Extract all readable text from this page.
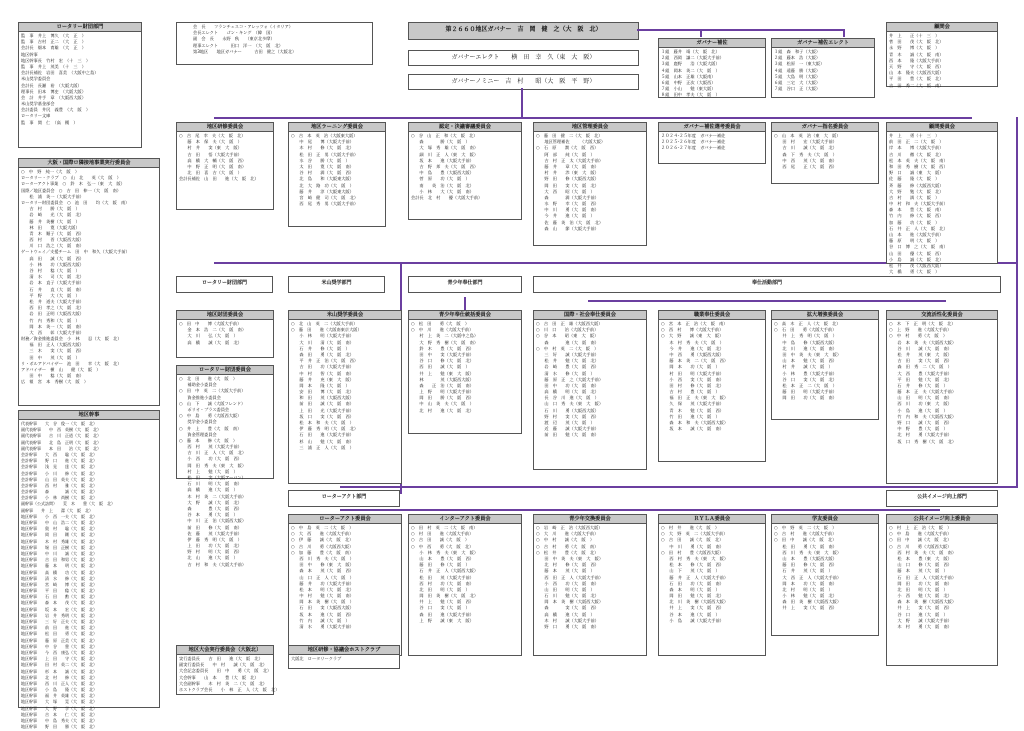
会　長　　フランチェスコ・アレッツォ（イタリア）
会長エレクト　　ゴン・キング　（韓　国）
副　会　長　　永野　秋　　（東京北多摩）
理事エレクト　　　田口　洋一　（大　阪　北）
第3地区　　地区ガバナー　　　吉田　健之（大阪北）
第２６６０地区ガバナー　吉　岡　健　之（大　阪　北）
ガバナーエレクト　　横　田　幸　久（東　大　阪）
ガバナーノミニー　吉　村　　昭（大　阪　平　野）
ガバナー補佐
１組　藤井　靖（大　阪　北）
２組　西岡　謙二（大阪大手前）
３組　鹿野　　浩（大阪大阪）
４組　岡本　英二（大　阪　）
５組　山本　正雄（大阪南）
６組　中野　正次（大阪西）
７組　小山　　勉（東大阪）
８組　田中　孝夫（大　阪　）
ガバナー補佐エレクト
１組　森　和子（大阪）
２組　藤本　浩（大阪）
３組　松原　一（東大阪）
４組　遠藤　勝（大阪）
５組　大島　明（大阪）
６組　三宅　大（大阪）
７組　谷口　正（大阪）
顧問会
井　上　　正（十　三　）
菅　田　　茂（大　阪　北）
永　野　　博（大　阪　）
青　木　　誠（大　阪　南）
西　本　　隆（大阪大手前）
天　野　　守（大　阪　西）
山　本　隆夫（大阪西大阪）
平　田　　豊（大　阪　北）
吉　田　秀二（大　阪　南）
ロータリー財団部門
監　事　井上　博久　（大　正　）
監　事　吉村　正二　（大　正　）
会計長　畑本　育雄　（大　正　）
地区幹事　
地区幹事長　竹村　宏　（十　三　）
監　事　井上　茂美　（十　三　）
会計長補佐　岩田　喜美　（大阪中之島）
米山奨学委員会
会計長　長瀬　裕　（大阪大阪）
理事長　田本　博史　（大阪大阪）
会　計　井手　章　（大阪西大阪）
米山奨学基金部会
会計委員　井尻　義豊　（大　阪　）
ロータリー文庫
監　事　関　仁　（高　槻　）
大阪・国際ロ隣接地事業実行委員会
○　中　野　純一（大　阪　）
ロータリー・クラブ　○　山　北　　英（大　阪　）
ローターアクト事業　○　鈴　木　弘一（東　大　阪）
国際／地区委員会　○　吉　田　伸一（大　阪　南）
　　松　浦　英一（大阪大手前）
ロータリー財団委員会　○　池　田　　均（大　阪　南）
　　吉　村　　勝（大　阪　）
　　岩　崎　　光（大　阪　北）
　　藤　井　英樹（大　阪　）
　　林　田　　寛（大阪大阪）
　　青　木　順子（大　阪　西）
　　西　村　　晋（大阪西大阪）
　　川　口　浩之（大　阪　南）
ゲートウェイ／支援チーム　田　中　和久（大阪大手前）
　　高　田　　誠（大　阪　西）
　　小　林　　功（大阪西大阪）
　　谷　村　　稔（大　阪　）
　　清　水　　司（大　阪　北）
　　岩　本　直子（大阪大手前）
　　石　井　　直（大　阪　南）
　　平　野　　大（大　阪　）
　　松　井　道夫（大阪大手前）
　　西　田　孝之（大　阪　北）
　　岩　田　正明（大阪西大阪）
　　竹　内　秀和（大　阪　）
　　岡　本　英一（大　阪　南）
　　大　西　　彰（大阪大手前）
財務／資金推進委員会　小　林　　忍（大　阪　北）
　　福　田　正人（大阪西大阪）
　　三　木　　実（大　阪　西）
　　田　中　　茂（大　阪　）
リ・ボルアドバイザー　池　田　　幸（大　阪　北）
アドバイザー　横　山　　健（大　阪　）
　　田　中　　稔（大　阪　南）
広　報　宮　本　秀樹（大　阪　）
地区幹事
代表幹事　　大　谷　俊一（大　阪　北）
副代表幹事　　中　西　英樹（大　阪　北）
副代表幹事　　吉　川　正道（大　阪　北）
副代表幹事　　北　島　正明（大　阪　北）
副代表幹事　　本　田　　治（大　阪　北）
会計幹事　　大　西　　聡（大　阪　北）
会計幹事　　野　口　　進（大　阪　北）
会計幹事　　浅　見　　達（大　阪　北）
会計幹事　　小　川　　修（大　阪　北）
会計幹事　　山　田　英夫（大　阪　北）
会計幹事　　西　村　　雅（大　阪　北）
会計幹事　　森　　　　誠（大　阪　北）
会計幹事　　小　林　尚樹（大　阪　北）
副幹事（公式訪問）　　荒　木　　豊（大　阪　北）
副幹事　　井　上　　潔（大　阪　北）
地区幹事　　小　西　一夫（大　阪　北）
地区幹事　　中　山　浩二（大　阪　北）
地区幹事　　奥　村　　聡（大　阪　北）
地区幹事　　岡　田　　剛（大　阪　北）
地区幹事　　木　村　秀雄（大　阪　北）
地区幹事　　堀　田　正樹（大　阪　北）
地区幹事　　中　川　　誠（大　阪　北）
地区幹事　　吉　田　和男（大　阪　北）
地区幹事　　藤　本　　明（大　阪　北）
地区幹事　　高　橋　　功（大　阪　北）
地区幹事　　清　水　　修（大　阪　北）
地区幹事　　宮　崎　　博（大　阪　北）
地区幹事　　平　田　　稔（大　阪　北）
地区幹事　　石　田　　勲（大　阪　北）
地区幹事　　森　本　　茂（大　阪　北）
地区幹事　　坂　本　　宏（大　阪　北）
地区幹事　　岩　井　秀明（大　阪　北）
地区幹事　　三　好　正夫（大　阪　北）
地区幹事　　前　田　　進（大　阪　北）
地区幹事　　松　田　　勇（大　阪　北）
地区幹事　　藤　原　正美（大　阪　北）
地区幹事　　中　谷　　豊（大　阪　北）
地区幹事　　今　西　康弘（大　阪　北）
地区幹事　　上　田　　守（大　阪　北）
地区幹事　　田　村　英二（大　阪　北）
地区幹事　　杉　本　　誠（大　阪　北）
地区幹事　　北　村　　修（大　阪　北）
地区幹事　　西　川　正人（大　阪　北）
地区幹事　　小　島　　隆（大　阪　北）
地区幹事　　福　井　英雄（大　阪　北）
地区幹事　　大　塚　　晃（大　阪　北）
地区幹事　　大　野　　学（大　阪　北）
地区幹事　　吉　本　　仁（大　阪　北）
地区幹事　　中　島　秀夫（大　阪　北）
地区幹事　　野　田　　勝（大　阪　北）
ロータリー財団部門	米山奨学部門	青少年奉仕部門	奉仕活動部門
ローターアクト部門	公共イメージ向上部門
地区研修委員会
○　吉　尾　幸　夫（大　阪　北）
　　藤　本　保　夫（大　阪　）
　　村　井　　実（東　大　阪）
　　吉　田　　悟（大阪大手前）
　　高　橋　大　輔（大　阪　西）
　　中　野　正　明（大　阪　南）
　　北　田　喜　吉（大　阪　）
会計長補佐　山　田　　進（大　阪　北）
地区ラーニング委員会
○　吉　本　英　治（大阪東大阪）
　　中　尾　　博（大阪大手前）
　　木　村　　修（大　阪　北）
　　松　田　正　男（大阪大手前）
　　水　谷　　勝（大　阪　）
　　太　田　　寛（大　阪　南）
　　谷　村　　満（大　阪　西）
　　北　島　　和（大阪東大阪）
　　北　大　路　功（大　阪　）
　　藤　井　　淳（大阪東大阪）
　　宮　崎　健　司（大　阪　北）
　　西　尾　秀　男（大阪大手前）
認定・決議審議委員会
○　谷　山　正　和（大　阪　北）
　　森　　　　勝（大　阪　）
　　大　塚　秀　雄（大　阪　南）
　　細　川　正　人（東　大　阪）
　　坂　本　　進（大阪大手前）
　　吉　野　邦　夫（大　阪　西）
　　中　島　　豊（大阪西大阪）
　　菅　原　　功（大　阪　）
　　南　　英　治（大　阪　北）
　　小　林　　大（大　阪　南）
会計長　北　村　　優（大阪大手前）
地区管理委員会
○　藤　田　健　二（大　阪　北）
　　地区管理補佐　　　（大阪大阪）
○　石　原　　潤（大　阪　西）
　　阿　部　　純（大　阪　）
　　吉　村　正　太（大阪大手前）
　　藤　井　　章（大　阪　南）
　　村　井　　渉（東　大　阪）
　　野　田　　修（大阪西大阪）
　　岡　田　　実（大　阪　北）
　　大　西　　昭（大　阪　）
　　森　　　　満（大阪大手前）
　　水　野　　幸（大　阪　西）
　　中　川　　勇（大　阪　南）
　　今　井　　進（大　阪　）
　　佐　藤　英　治（大　阪　北）
　　森　山　　節（大阪大手前）
ガバナー補佐選考委員会
２０２４-２５年度　ガバナー補佐
２０２５-２６年度　ガバナー補佐
２０２６-２７年度　ガバナー補佐
ガバナー指名委員会
○　山　本　英　治（東　大　阪）
　　田　村　　宏（大阪大手前）
　　吉　川　　誠（大　阪　北）
　　森　下　秀　夫（大　阪　）
　　中　西　　茂（大　阪　南）
　　西　尾　　正（大　阪　西）
顧問委員会
井　上　　勇（十　三　）
前　田　正　二（大　阪　）
岸　本　　博（大阪大手前）
吉　川　　徹（大　阪　北）
松　本　英　夫（大　阪　南）
和　田　秀　樹（大　阪　西）
野　口　　誠（東　大　阪）
佐　藤　　隆（大　阪　）
斉　藤　　修（大阪西大阪）
大　野　　勉（大　阪　北）
吉　村　　満（大　阪　）
中　村　和　夫（大阪大手前）
森　本　　豊（大　阪　南）
竹　内　　修（大　阪　西）
加　藤　　功（大　阪　）
石　井　正　人（大　阪　北）
山　本　　進（大阪大手前）
藤　原　　明（大　阪　）
谷　口　博　之（大　阪　南）
山　田　　優（大　阪　西）
小　島　　誠（大　阪　北）
松　井　　茂（大阪西大阪）
大　橋　　勇（大　阪　）
地区財団委員会
○　田　中　　博（大阪大手前）
　　金　本　浩　二（大　阪　南）
　　大　川　　弘（大　阪　）
　　高　橋　　誠（大　阪　北）
米山奨学委員会
○　北　山　英　二（大阪大手前）
○　藤　田　　進（大阪南東京大阪）
　　小　林　　明（大阪大手前）
　　大　川　　清（大　阪　南）
　　石　井　　修（大　阪　）
　　森　田　　勇（大　阪　北）
　　平　井　正　治（大　阪　西）
　　吉　田　　功（大阪大手前）
　　中　村　　智（大　阪　南）
　　藤　井　　充（東　大　阪）
　　岡　本　　隆（大　阪　）
　　安　田　　博（大　阪　北）
　　和　田　　茂（大阪西大阪）
　　前　田　　誠（大　阪　南）
　　上　田　　光（大阪大手前）
　　坂　口　　実（大　阪　西）
　　松　本　和　夫（大　阪　）
　　伊　藤　秀　明（大　阪　北）
　　石　田　　進（大阪大手前）
　　杉　山　　勉（大　阪　南）
　　三　浦　正　人（大　阪　）
青少年奉仕統括委員会
○　松　田　　勇（大　阪　）
○　中　川　　進（大阪大手前）
　　村　上　英　二（大阪中之島）
　　大　野　秀　樹（大　阪　南）
　　鈴　木　　豊（大　阪　西）
　　田　中　　実（大阪大手前）
　　谷　口　　修（大　阪　北）
　　西　田　　誠（大　阪　）
　　井　上　　勉（東　大　阪）
　　林　　　　茂（大阪西大阪）
　　森　　正　治（大　阪　南）
　　上　野　　明（大阪大手前）
　　岡　田　　勝（大　阪　西）
　　中　山　英　夫（大　阪　）
　　北　村　　進（大　阪　北）
国際・社会奉仕委員会
○　吉　田　正　雄（大阪西大阪）
○　川　口　　治（大阪大手前）
○　谷　本　　昭（東　大　阪）
　　森　　　　進（大　阪　南）
○　中　村　英　二（大　阪　）
　　三　好　　誠（大阪大手前）
　　松　井　　勉（大　阪　北）
　　岩　崎　　豊（大　阪　西）
　　清　水　　修（大　阪　）
　　藤　原　正　之（大阪大手前）
　　田　中　　功（大　阪　南）
　　高　橋　　明（大　阪　北）
　　長　谷　川　進（大　阪　）
　　山　口　秀　夫（東　大　阪）
　　石　川　　勇（大阪西大阪）
　　野　村　　実（大　阪　西）
　　渡　辺　　茂（大　阪　）
　　近　藤　　誠（大阪大手前）
　　前　田　　勉（大　阪　南）
職業奉仕委員会
○　宮　本　正　治（大　阪　南）
○　西　村　　博（大阪大手前）
○　大　野　　誠（東　大　阪）
　　木　村　秀　夫（大　阪　）
　　今　井　　進（大　阪　北）
　　中　西　　勇（大阪西大阪）
　　藤　本　英　二（大　阪　西）
　　岡　本　　功（大　阪　）
　　村　田　　明（大阪大手前）
　　小　西　　実（大　阪　南）
　　田　村　　修（大　阪　北）
　　吉　村　　豊（大　阪　）
　　福　田　正　夫（東　大　阪）
　　久　保　　茂（大阪大手前）
　　青　木　　勉（大　阪　西）
　　竹　田　　進（大　阪　）
　　森　本　和　夫（大阪西大阪）
　　坂　本　　誠（大　阪　南）
拡大増強委員会
○　高　木　正　人（大　阪　北）
○　石　田　　勇（大阪大手前）
　　井　上　秀　明（大　阪　）
　　中　島　　修（大阪西大阪）
　　北　川　　進（大　阪　南）
　　田　中　英　夫（東　大　阪）
　　山　本　　勉（大　阪　西）
　　村　井　　誠（大　阪　）
　　小　林　　豊（大阪大手前）
　　谷　口　　実（大　阪　北）
　　松　本　正　二（大　阪　）
　　藤　田　　明（大阪大手前）
　　岡　田　　功（大　阪　南）
交流活性化委員会
○　木　下　正　明（大　阪　北）
○　上　野　　進（大阪大手前）
○　中　村　　勇（大　阪　）
　　岩　本　英　夫（大阪西大阪）
　　谷　川　　誠（大　阪　南）
　　松　井　　茂（東　大　阪）
　　吉　田　　実（大　阪　西）
　　森　田　秀　二（大　阪　）
　　大　西　　豊（大阪大手前）
　　平　田　　勉（大　阪　北）
　　石　井　　修（大　阪　）
　　藤　本　正　夫（大阪大手前）
　　山　田　　明（大　阪　南）
　　西　川　　功（東　大　阪）
　　小　島　　進（大　阪　）
　　竹　内　和　夫（大阪西大阪）
　　野　口　　誠（大　阪　西）
　　中　野　　豊（大　阪　）
　　北　村　　勇（大阪大手前）
　　坂　口　秀　樹（大　阪　北）
ロータリー財団委員会
○　北　田　　進（大　阪　）
　　補助金小委員会
○　田　中　英　二（大阪大手前）
　　資金推進小委員会
○　山　下　　誠（大阪フレンド）
　　ポリオ・プラス委員会
○　中　島　　勇（大阪西大阪）
　　奨学金小委員会
○　井　上　　豊（大　阪　南）
　　資金管理委員会
○　藤　本　　修（大　阪　）
　　西　村　　茂（大阪大手前）
　　吉　川　正　人（大　阪　北）
　　小　西　　功（大　阪　西）
　　岡　田　秀　夫（東　大　阪）
　　村　上　　勉（大　阪　）
　　松　田　　実（大阪アーバン）
　　石　川　　明（大　阪　南）
　　高　橋　　進（大　阪　）
　　木　村　英　二（大阪大手前）
　　大　野　　誠（大　阪　北）
　　森　　　　豊（大　阪　西）
　　谷　本　　勇（大　阪　）
　　中　川　正　治（大阪西大阪）
　　前　田　　修（大　阪　南）
　　佐　藤　　茂（大阪大手前）
　　伊　藤　秀　明（大　阪　）
　　上　田　　功（大　阪　北）
　　野　村　　明（大　阪　西）
　　北　山　　進（大　阪　）
　　吉　村　和　夫（大阪大手前）
ローターアクト委員会
○　中　島　英　二（大　阪　）
○　大　西　　進（大阪大手前）
○　伊　藤　　誠（大　阪　北）
○　吉　川　　勇（大阪西大阪）
○　加　藤　　豊（大　阪　南）
　　西　川　秀　夫（大　阪　）
　　田　中　　修（東　大　阪）
　　森　本　　茂（大　阪　西）
　　山　口　正　人（大　阪　）
　　藤　井　　功（大阪大手前）
　　松　本　　明（大　阪　北）
　　中　村　　勉（大　阪　南）
　　岡　本　英　樹（大　阪　）
　　石　田　　実（大阪西大阪）
　　坂　本　　進（大　阪　西）
　　竹　内　　誠（大　阪　）
　　清　水　　勇（大阪大手前）
インターアクト委員会
○　田　村　英　二（大　阪　南）
○　村　田　　進（大阪大手前）
○　吉　田　　誠（大　阪　）
○　中　西　　勇（大　阪　北）
　　小　林　秀　夫（東　大　阪）
　　山　本　　豊（大　阪　西）
　　藤　田　　修（大　阪　）
　　石　井　正　人（大阪西大阪）
　　松　田　　茂（大阪大手前）
　　西　村　　功（大　阪　南）
　　北　田　　明（大　阪　）
　　岡　田　英　樹（大　阪　北）
　　井　上　　勉（大　阪　西）
　　谷　口　　実（大　阪　）
　　森　田　　進（大阪大手前）
　　上　野　　誠（東　大　阪）
青少年交換委員会
○　岩　崎　正　治（大阪西大阪）
○　大　川　　進（大阪大手前）
○　中　村　　誠（大　阪　）
○　吉　村　　勇（大　阪　南）
○　松　井　　豊（大　阪　北）
　　田　中　英　夫（東　大　阪）
　　北　村　　修（大　阪　西）
　　藤　本　　茂（大　阪　）
　　西　田　正　人（大阪大手前）
　　小　西　　功（大　阪　南）
　　山　田　　明（大　阪　）
　　石　川　　勉（大　阪　北）
　　岡　本　英　樹（大阪西大阪）
　　森　　　　実（大　阪　西）
　　高　橋　　進（大　阪　）
　　木　村　　誠（大阪大手前）
　　野　口　　勇（大　阪　南）
ＲＹＬＡ委員会
○　村　井　　進（大　阪　）
○　大　野　英　二（大阪大手前）
○　吉　田　　誠（大　阪　北）
　　中　川　　勇（大　阪　南）
○　田　村　　豊（大阪西大阪）
　　西　村　秀　夫（東　大　阪）
　　松　本　　修（大　阪　西）
　　山　下　　茂（大　阪　）
　　藤　井　正　人（大阪大手前）
　　石　田　　功（大　阪　南）
　　森　本　　明（大　阪　）
　　岡　田　　勉（大　阪　北）
　　北　川　英　樹（大阪西大阪）
　　井　上　　実（大　阪　西）
　　谷　本　　進（大　阪　）
　　小　島　　誠（大阪大手前）
学友委員会
○　中　野　英　二（大　阪　）
○　吉　村　　進（大阪大手前）
○　田　中　　誠（大　阪　北）
　　松　田　　勇（大　阪　南）
　　西　川　秀　夫（東　大　阪）
　　山　本　　豊（大阪西大阪）
　　藤　田　　修（大　阪　西）
　　石　井　　茂（大　阪　）
　　大　西　正　人（大阪大手前）
　　岡　本　　功（大　阪　南）
　　北　村　　明（大　阪　）
　　小　林　　勉（大　阪　北）
　　森　田　英　樹（大阪西大阪）
　　井　上　　実（大　阪　西）
公共イメージ向上委員会
○　村　上　正　治（大　阪　）
○　中　島　　進（大阪大手前）
○　田　中　　誠（大　阪　北）
○　吉　川　　勇（大阪西大阪）
　　西　村　英　夫（大　阪　南）
　　松　本　　豊（東　大　阪）
　　山　口　　修（大　阪　西）
　　藤　本　　茂（大　阪　）
　　石　田　正　人（大阪大手前）
　　岡　田　　功（大　阪　南）
　　北　田　　明（大　阪　）
　　小　西　　勉（大　阪　北）
　　森　本　英　樹（大阪西大阪）
　　井　上　　実（大　阪　西）
　　谷　口　　進（大　阪　）
　　大　野　　誠（大阪大手前）
　　木　村　　勇（大　阪　南）
地区大会実行委員会（大阪北）
実行委員長　　吉　田　　進（大　阪　北）
副実行委員長　　中　村　　誠（大　阪　北）
大会記念委員長　　田　中　　勇（大　阪　北）
大会幹事　　山　本　　豊（大　阪　北）
大会副幹事　　木　村　英　二（大　阪　北）
ホストクラブ会長　　小　林　正　人（大　阪　北）
地区研修・協議会ホストクラブ
大阪北　ロータリークラブ
